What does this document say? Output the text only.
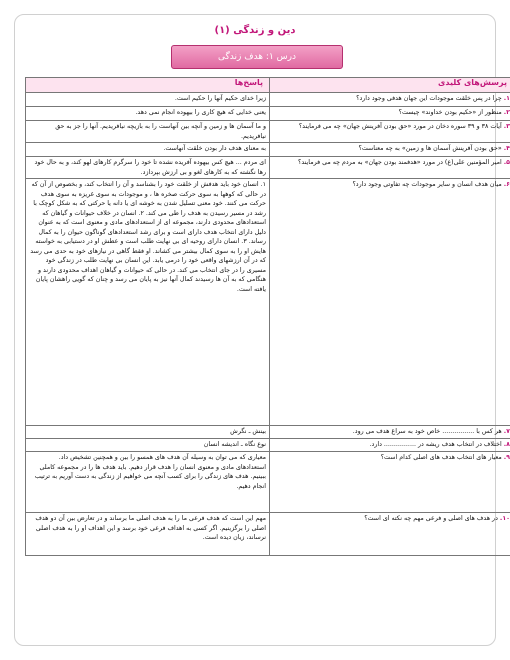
دین و زندگی (۱)
درس ۱: هدف زندگی
پرسش‌های کلیدی	پاسخ‌ها
۱. چرا در پس خلقت موجودات این جهان هدفی وجود دارد؟	زیرا خدای حکیم آنها را حکیم است.
۲. منظور از «حکیم بودن خداوند» چیست؟	یعنی خدایی که هیچ کاری را بیهوده انجام نمی دهد.
۳. آیات ۳۸ و ۳۹ سوره دخان در مورد «حق بودن آفرینش جهان» چه می فرمایند؟	و ما آسمان ها و زمین و آنچه بین آنهاست را به بازیچه نیافریدیم. آنها را جز به حق نیافریدیم.
۴. «حق بودن آفرینش آسمان ها و زمین» به چه معناست؟	به معنای هدف دار بودن خلقت آنهاست.
۵. امیر المؤمنین علی(ع) در مورد «هدفمند بودن جهان» به مردم چه می فرمایند؟	ای مردم ... هیچ کس بیهوده آفریده نشده تا خود را سرگرم کارهای لهو کند، و به حال خود رها نگشته که به کارهای لغو و بی ارزش بپردازد.
۶. میان هدف انسان و سایر موجودات چه تفاوتی وجود دارد؟	۱. انسان خود باید هدفش از خلقت خود را بشناسد و آن را انتخاب کند، و بخصوص از آن که در حالی که کوهها به سوی حرکت صخره ها ، و موجودات به سوی غریزه به سوی هدف حرکت می کنند. خود معنی تسلیل شدن به خوشه ای یا دانه یا حرکتی که به شکل کوچک با رشد در مسیر رسیدن به هدف را طی می کند. ۲. انسان در خلاف حیوانات و گیاهان که استعدادهای محدودی دارند، مجموعه ای از استعدادهای مادی و معنوی است که به عنوان دلیل دارای انتخاب هدف دارای است و برای رشد استعدادهای گوناگون حیوان را به کمال رساند. ۳. انسان دارای روحیه ای بی نهایت طلب است و عطش او در دستیابی به خواسته هایش او را به سوی کمال بیشتر می کشاند. او فقط گاهی در نیازهای خود به حدی می رسد که در آن ارزشهای واقعی خود را درمی یابد. این انسان بی نهایت طلب در زندگی خود مسیری را در جای انتخاب می کند. در حالی که حیوانات و گیاهان اهداف محدودی دارند و هنگامی که به آن ها رسیدند کمال آنها نیز به پایان می رسد و چنان که گویی راهشان پایان یافته است.
۷. هر کس با ................ خاص خود به سراغ هدف می رود.	بینش ـ نگرش
۸. اختلاف در انتخاب هدف ریشه در ................ دارد.	نوع نگاه ـ اندیشه انسان
۹. معیار های انتخاب هدف های اصلی کدام است؟	معیاری که می توان به وسیله آن هدف های همسو را بین و همچنین تشخیص داد. استعدادهای مادی و معنوی انسان را هدف قرار دهیم. باید هدف ها را در مجموعه کاملی ببینیم. هدف های زندگی را برای کسب آنچه می خواهیم از زندگی به دست آوریم به ترتیب انجام دهیم.
۱۰. در هدف های اصلی و فرعی مهم چه نکته ای است؟	مهم این است که هدف فرعی ما را به هدف اصلی ما برساند و در تعارض بین آن دو هدف اصلی را برگزینیم. اگر کسی به اهداف فرعی خود برسد و این اهداف او را به هدف اصلی نرساند، زیان دیده است.
